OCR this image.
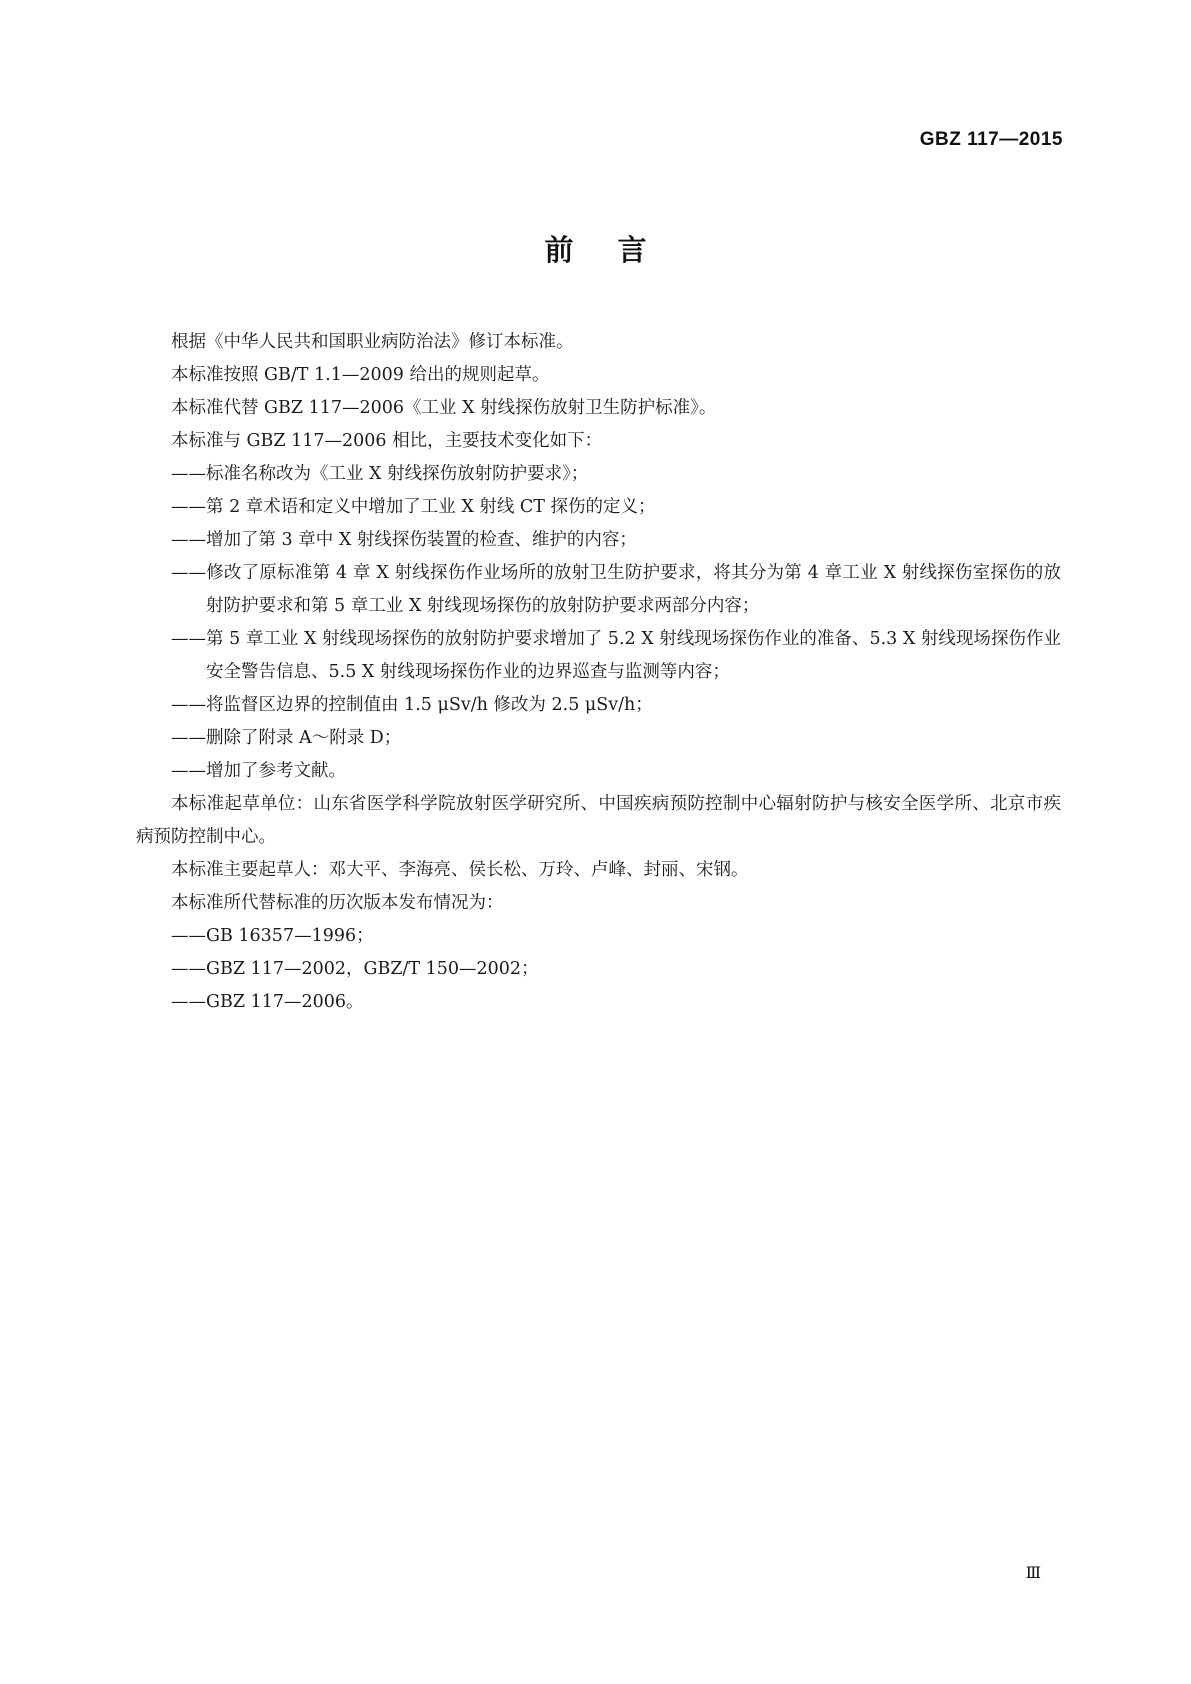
GBZ 117—2015
前言

根据《中华人民共和国职业病防治法》修订本标准。

本标准按照 GB/T 1.1—2009 给出的规则起草。

本标准代替 GBZ 117—2006《工业 X 射线探伤放射卫生防护标准》。

本标准与 GBZ 117—2006 相比，主要技术变化如下：

——标准名称改为《工业 X 射线探伤放射防护要求》；

——第 2 章术语和定义中增加了工业 X 射线 CT 探伤的定义；

——增加了第 3 章中 X 射线探伤装置的检查、维护的内容；

——修改了原标准第 4 章 X 射线探伤作业场所的放射卫生防护要求，将其分为第 4 章工业 X 射线探伤室探伤的放射防护要求和第 5 章工业 X 射线现场探伤的放射防护要求两部分内容；

——第 5 章工业 X 射线现场探伤的放射防护要求增加了 5.2 X 射线现场探伤作业的准备、5.3 X 射线现场探伤作业安全警告信息、5.5 X 射线现场探伤作业的边界巡查与监测等内容；

——将监督区边界的控制值由 1.5 μSv/h 修改为 2.5 μSv/h；

——删除了附录 A～附录 D；

——增加了参考文献。

本标准起草单位：山东省医学科学院放射医学研究所、中国疾病预防控制中心辐射防护与核安全医学所、北京市疾病预防控制中心。

本标准主要起草人：邓大平、李海亮、侯长松、万玲、卢峰、封丽、宋钢。

本标准所代替标准的历次版本发布情况为：

——GB 16357—1996；

——GBZ 117—2002，GBZ/T 150—2002；

——GBZ 117—2006。

Ⅲ
